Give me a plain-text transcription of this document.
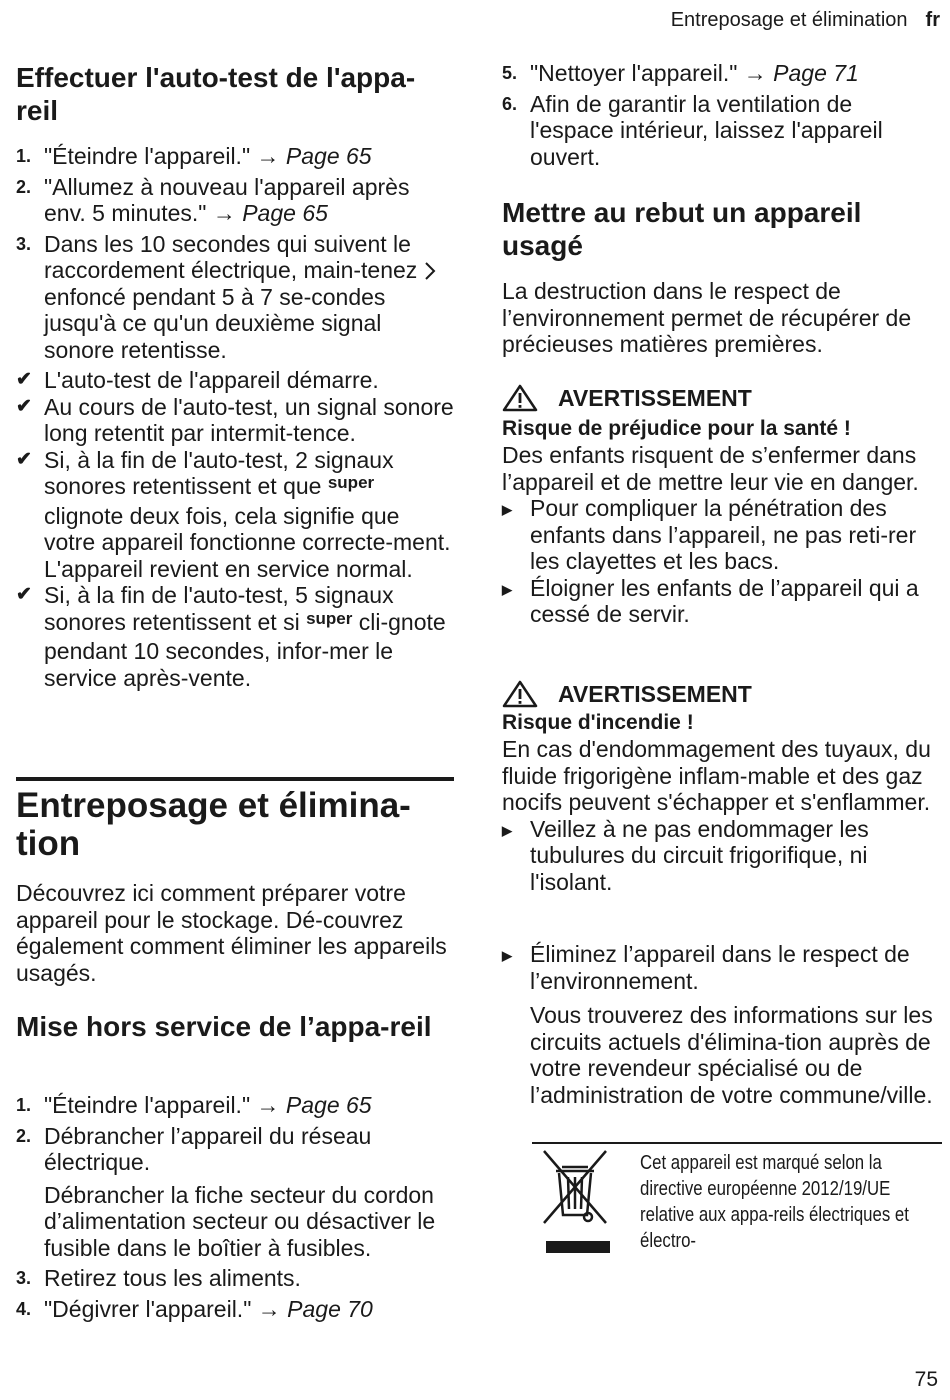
Entreposage et élimination fr
Effectuer l'auto-test de l'appa-reil
1. "Éteindre l'appareil." → Page 65
2. "Allumez à nouveau l'appareil après env. 5 minutes." → Page 65
3. Dans les 10 secondes qui suivent le raccordement électrique, main-tenez  enfoncé pendant 5 à 7 se-condes jusqu'à ce qu'un deuxième signal sonore retentisse.
✔ L'auto-test de l'appareil démarre.
✔ Au cours de l'auto-test, un signal sonore long retentit par intermit-tence.
✔ Si, à la fin de l'auto-test, 2 signaux sonores retentissent et que $^{super}$ clignote deux fois, cela signifie que votre appareil fonctionne correcte-ment. L'appareil revient en service normal.
✔ Si, à la fin de l'auto-test, 5 signaux sonores retentissent et si $^{super}$ cli-gnote pendant 10 secondes, infor-mer le service après-vente.
Entreposage et élimina-tion

Découvrez ici comment préparer votre appareil pour le stockage. Dé-couvrez également comment éliminer les appareils usagés.

Mise hors service de l’appa-reil
1. "Éteindre l'appareil." → Page 65
2. Débrancher l’appareil du réseau électrique.
Débrancher la fiche secteur du cordon d’alimentation secteur ou désactiver le fusible dans le boîtier à fusibles.
3. Retirez tous les aliments.
4. "Dégivrer l'appareil." → Page 70
5. "Nettoyer l'appareil." → Page 71
6. Afin de garantir la ventilation de l'espace intérieur, laissez l'appareil ouvert.
Mettre au rebut un appareil usagé

La destruction dans le respect de l’environnement permet de récupérer de précieuses matières premières.

AVERTISSEMENT
Risque de préjudice pour la santé !

Des enfants risquent de s’enfermer dans l’appareil et de mettre leur vie en danger.

▶ Pour compliquer la pénétration des enfants dans l’appareil, ne pas reti-rer les clayettes et les bacs.
▶ Éloigner les enfants de l’appareil qui a cessé de servir.
AVERTISSEMENT
Risque d'incendie !

En cas d'endommagement des tuyaux, du fluide frigorigène inflam-mable et des gaz nocifs peuvent s'échapper et s'enflammer.

▶ Veillez à ne pas endommager les tubulures du circuit frigorifique, ni l'isolant.
▶ Éliminez l’appareil dans le respect de l’environnement.

Vous trouverez des informations sur les circuits actuels d'élimina-tion auprès de votre revendeur spécialisé ou de l’administration de votre commune/ville.

Cet appareil est marqué selon la directive européenne 2012/19/UE relative aux appa-reils électriques et électro-
75
